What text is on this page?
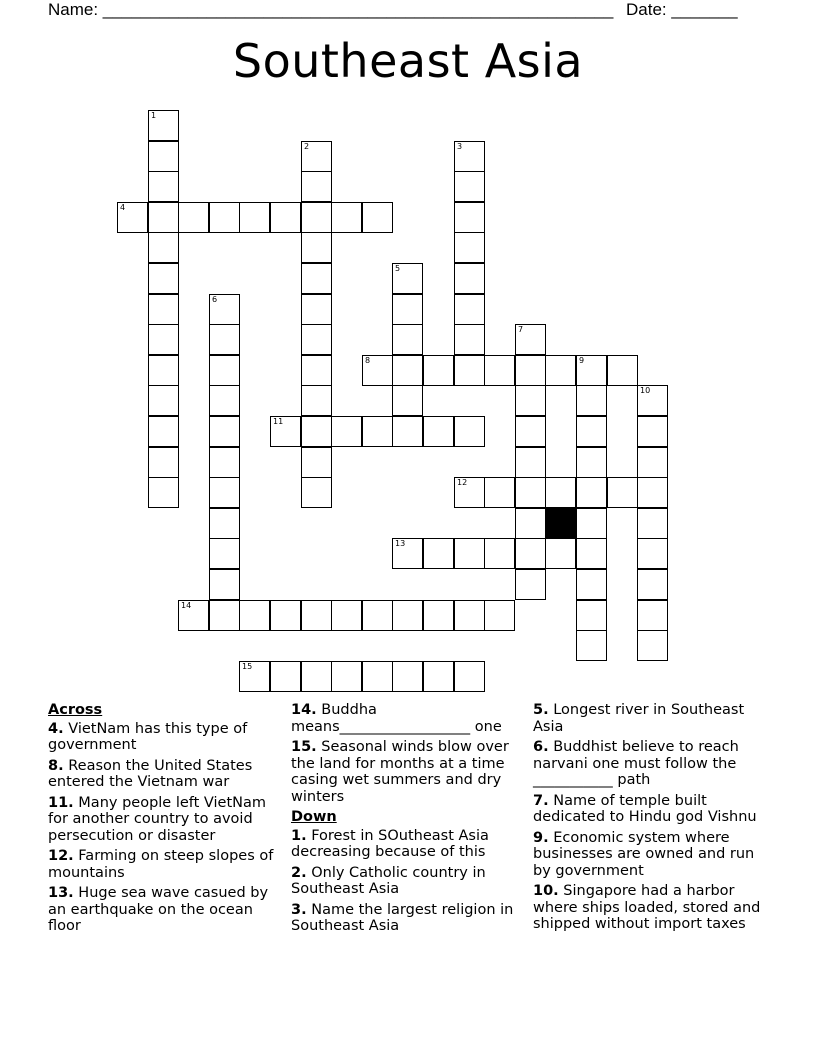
Name: ______________________________________________________ Date: _______
Southeast Asia
1
2	3
4
5
6
7
8	9
10
11
12
13
14
15
Across
4. VietNam has this type of government
8. Reason the United States entered the Vietnam war
11. Many people left VietNam for another country to avoid persecution or disaster
12. Farming on steep slopes of mountains
13. Huge sea wave casued by an earthquake on the ocean floor
14. Buddha means__________________ one
15. Seasonal winds blow over the land for months at a time casing wet summers and dry winters
Down
1. Forest in SOutheast Asia decreasing because of this
2. Only Catholic country in Southeast Asia
3. Name the largest religion in Southeast Asia
5. Longest river in Southeast Asia
6. Buddhist believe to reach narvani one must follow the ___________ path
7. Name of temple built dedicated to Hindu god Vishnu
9. Economic system where businesses are owned and run by government
10. Singapore had a harbor where ships loaded, stored and shipped without import taxes
